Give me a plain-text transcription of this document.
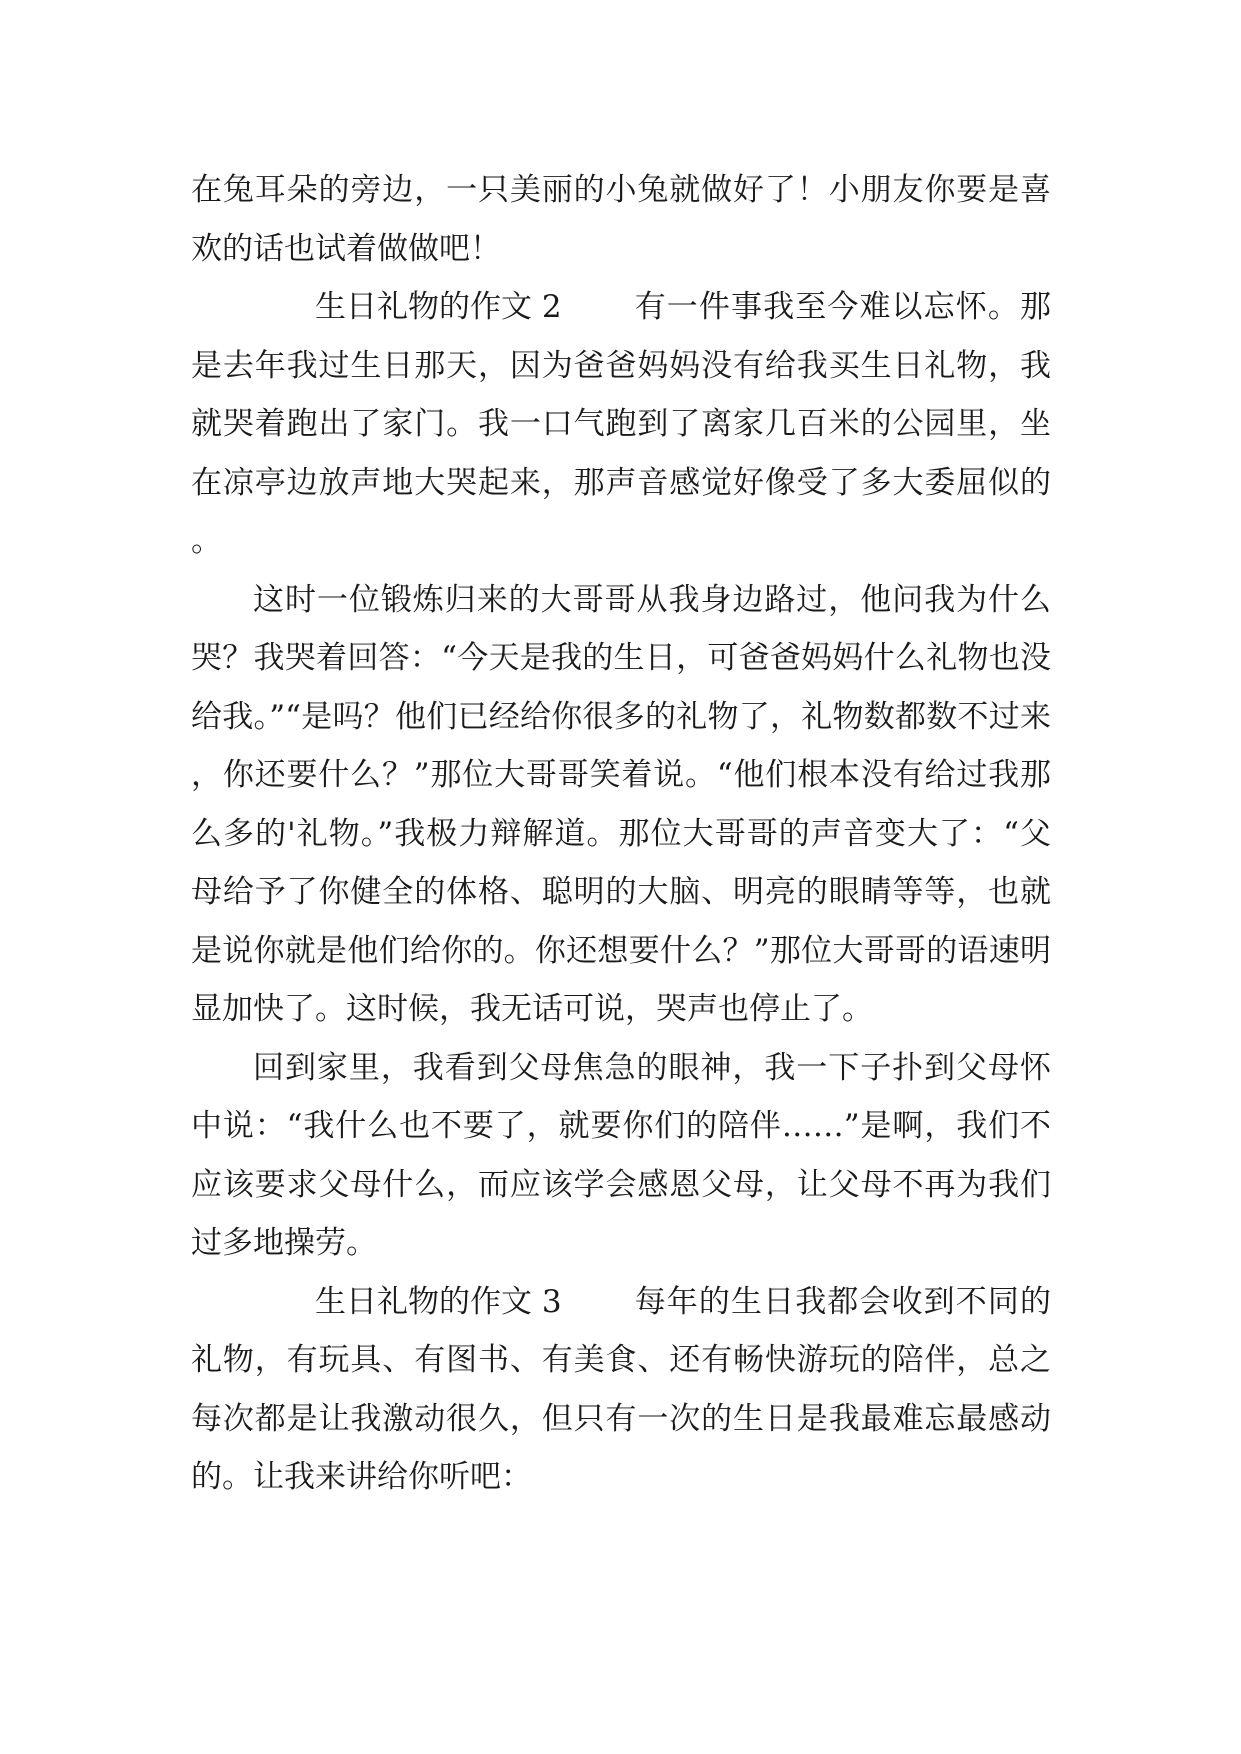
在兔耳朵的旁边，一只美丽的小兔就做好了！小朋友你要是喜欢的话也试着做做吧！

生日礼物的作文 2 有一件事我至今难以忘怀。那是去年我过生日那天，因为爸爸妈妈没有给我买生日礼物，我就哭着跑出了家门。我一口气跑到了离家几百米的公园里，坐在凉亭边放声地大哭起来，那声音感觉好像受了多大委屈似的。

这时一位锻炼归来的大哥哥从我身边路过，他问我为什么哭？我哭着回答：“今天是我的生日，可爸爸妈妈什么礼物也没给我。”“是吗？他们已经给你很多的礼物了，礼物数都数不过来，你还要什么？”那位大哥哥笑着说。“他们根本没有给过我那么多的'礼物。”我极力辩解道。那位大哥哥的声音变大了：“父母给予了你健全的体格、聪明的大脑、明亮的眼睛等等，也就是说你就是他们给你的。你还想要什么？”那位大哥哥的语速明显加快了。这时候，我无话可说，哭声也停止了。

回到家里，我看到父母焦急的眼神，我一下子扑到父母怀中说：“我什么也不要了，就要你们的陪伴……”是啊，我们不应该要求父母什么，而应该学会感恩父母，让父母不再为我们过多地操劳。

生日礼物的作文 3 每年的生日我都会收到不同的礼物，有玩具、有图书、有美食、还有畅快游玩的陪伴，总之每次都是让我激动很久，但只有一次的生日是我最难忘最感动的。让我来讲给你听吧：
